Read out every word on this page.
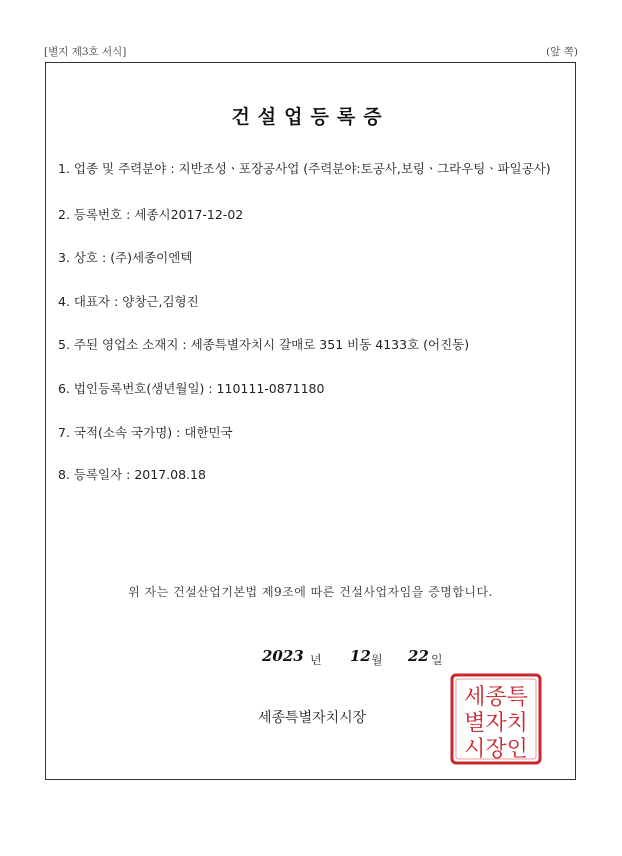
[별지 제3호 서식]	(앞 쪽)
건설업등록증
1. 업종 및 주력분야 : 지반조성ㆍ포장공사업 (주력분야:토공사,보링ㆍ그라우팅ㆍ파일공사)
2. 등록번호 : 세종시2017-12-02
3. 상호 : (주)세종이엔텍
4. 대표자 : 양창근,김형진
5. 주된 영업소 소재지 : 세종특별자치시 갈매로 351 비동 4133호 (어진동)
6. 법인등록번호(생년월일) : 110111-0871180
7. 국적(소속 국가명) : 대한민국
8. 등록일자 : 2017.08.18
위 자는 건설산업기본법 제9조에 따른 건설사업자임을 증명합니다.
2023 년 12 월 22 일
세종특별자치시장
세종특
별자치
시장인
